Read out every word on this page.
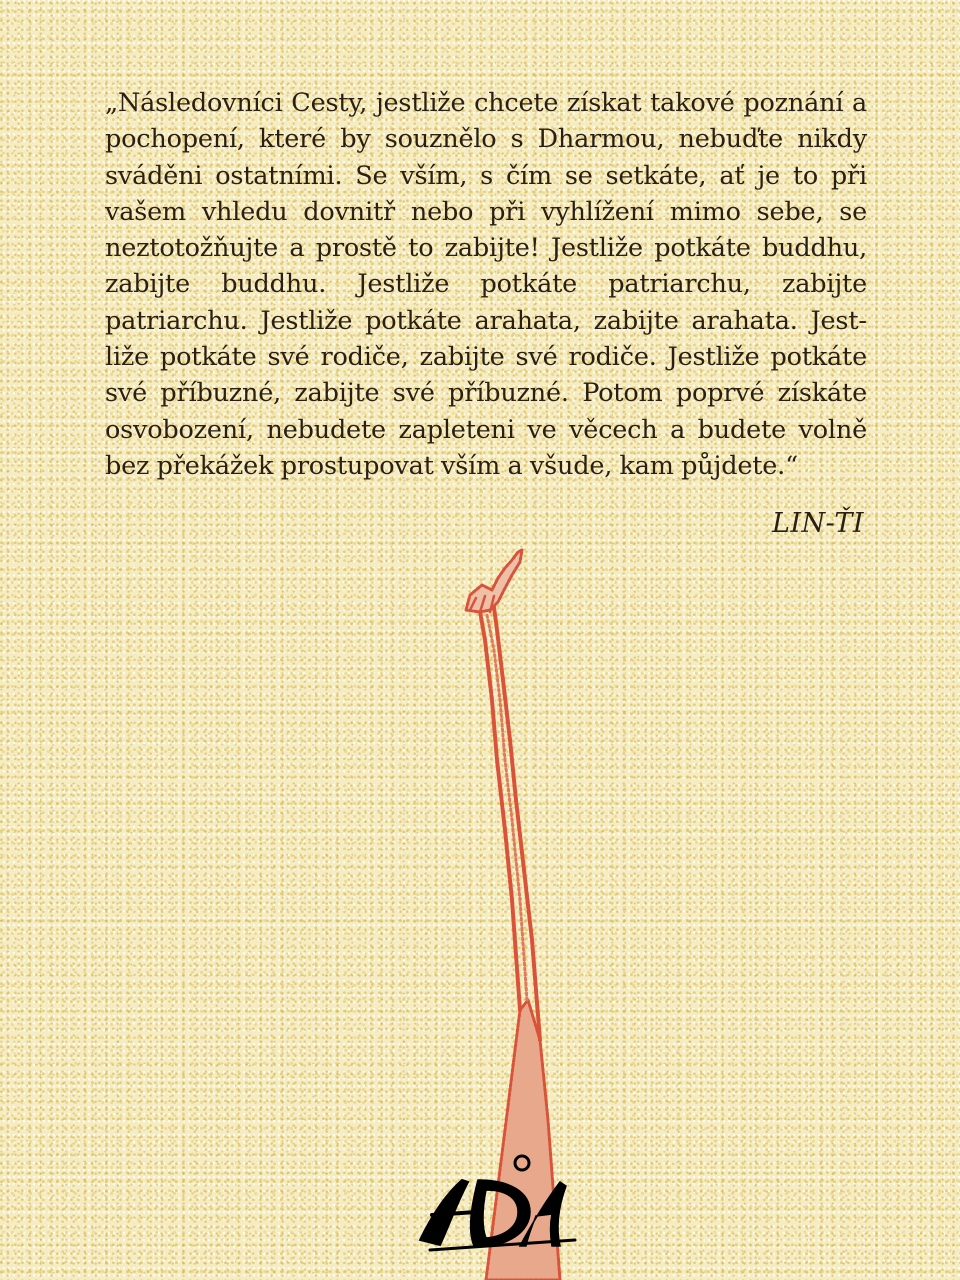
„Následovníci Cesty, jestliže chcete získat takové poznání a pochopení, které by souznělo s Dharmou, nebuďte nikdy sváděni ostatními. Se vším, s čím se setkáte, ať je to při vašem vhledu dovnitř nebo při vyhlížení mimo sebe, se neztotožňujte a prostě to zabijte! Jestliže potkáte buddhu, zabijte buddhu. Jestliže potkáte patriarchu, zabijte patriarchu. Jestliže potkáte arahata, zabijte arahata. Jestliže potkáte své rodiče, zabijte své rodiče. Jestliže potkáte své příbuzné, zabijte své příbuzné. Potom poprvé získáte osvobození, nebudete zapleteni ve věcech a budete volně bez překážek prostupovat vším a všude, kam půjdete.“

LIN-ŤI
